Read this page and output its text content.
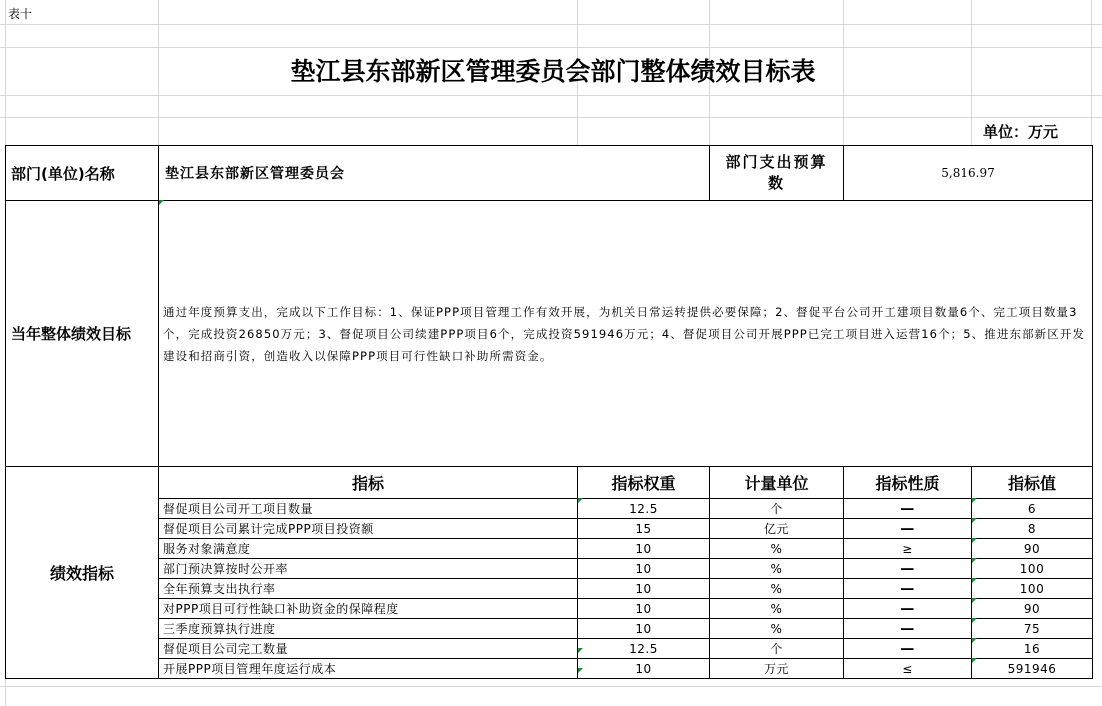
表十
垫江县东部新区管理委员会部门整体绩效目标表
单位：万元
部门(单位)名称	垫江县东部新区管理委员会	部门支出预算数	5,816.97
当年整体绩效目标	通过年度预算支出，完成以下工作目标：1、保证PPP项目管理工作有效开展，为机关日常运转提供必要保障；2、督促平台公司开工建项目数量6个、完工项目数量3个，完成投资26850万元；3、督促项目公司续建PPP项目6个，完成投资591946万元；4、督促项目公司开展PPP已完工项目进入运营16个；5、推进东部新区开发建设和招商引资，创造收入以保障PPP项目可行性缺口补助所需资金。		
绩效指标	指标	指标权重	计量单位	指标性质	指标值
	督促项目公司开工项目数量	12.5	个	—	6
	督促项目公司累计完成PPP项目投资额	15	亿元	—	8
	服务对象满意度	10	%	≥	90
	部门预决算按时公开率	10	%	—	100
	全年预算支出执行率	10	%	—	100
	对PPP项目可行性缺口补助资金的保障程度	10	%	—	90
	三季度预算执行进度	10	%	—	75
	督促项目公司完工数量	12.5	个	—	16
	开展PPP项目管理年度运行成本	10	万元	≤	591946
